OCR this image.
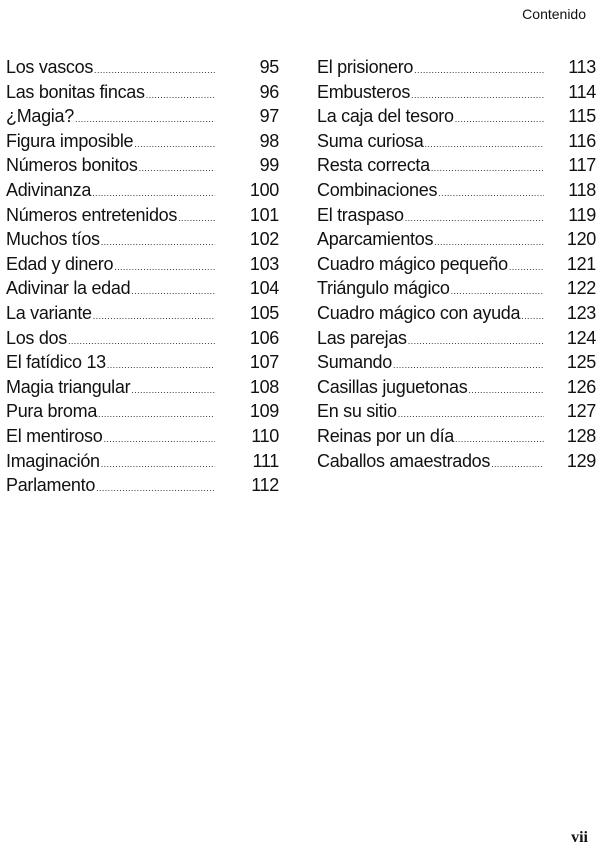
Contenido
Los vascos .....	95
Las bonitas fincas .....	96
¿Magia? .....	97
Figura imposible .....	98
Números bonitos .....	99
Adivinanza .....	100
Números entretenidos .....	101
Muchos tíos .....	102
Edad y dinero .....	103
Adivinar la edad .....	104
La variante .....	105
Los dos .....	106
El fatídico 13 .....	107
Magia triangular .....	108
Pura broma .....	109
El mentiroso .....	110
Imaginación .....	111
Parlamento .....	112
El prisionero .....	113
Embusteros .....	114
La caja del tesoro .....	115
Suma curiosa .....	116
Resta correcta .....	117
Combinaciones .....	118
El traspaso .....	119
Aparcamientos .....	120
Cuadro mágico pequeño .....	121
Triángulo mágico .....	122
Cuadro mágico con ayuda .....	123
Las parejas .....	124
Sumando .....	125
Casillas juguetonas .....	126
En su sitio .....	127
Reinas por un día .....	128
Caballos amaestrados .....	129
vii
